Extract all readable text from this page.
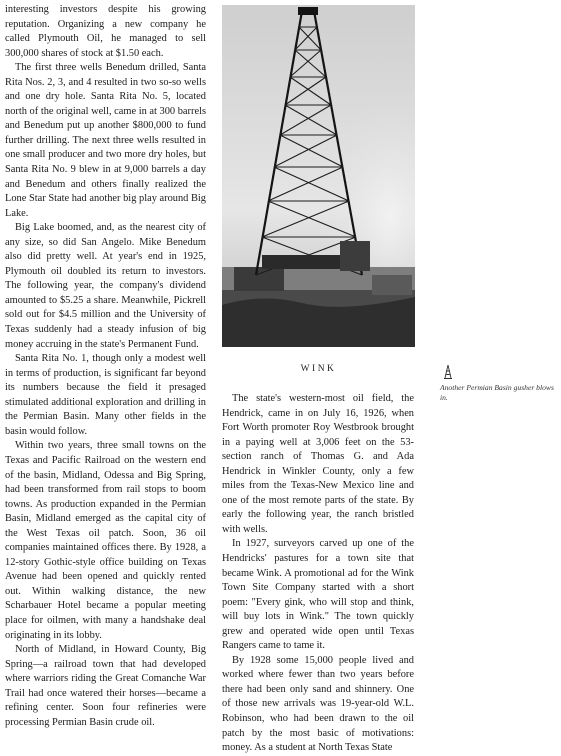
interesting investors despite his growing reputation. Organizing a new company he called Plymouth Oil, he managed to sell 300,000 shares of stock at $1.50 each.

The first three wells Benedum drilled, Santa Rita Nos. 2, 3, and 4 resulted in two so-so wells and one dry hole. Santa Rita No. 5, located north of the original well, came in at 300 barrels and Benedum put up another $800,000 to fund further drilling. The next three wells resulted in one small producer and two more dry holes, but Santa Rita No. 9 blew in at 9,000 barrels a day and Benedum and others finally realized the Lone Star State had another big play around Big Lake.

Big Lake boomed, and, as the nearest city of any size, so did San Angelo. Mike Benedum also did pretty well. At year's end in 1925, Plymouth oil doubled its return to investors. The following year, the company's dividend amounted to $5.25 a share. Meanwhile, Pickrell sold out for $4.5 million and the University of Texas suddenly had a steady infusion of big money accruing in the state's Permanent Fund.

Santa Rita No. 1, though only a modest well in terms of production, is significant far beyond its numbers because the field it presaged stimulated additional exploration and drilling in the Permian Basin. Many other fields in the basin would follow.

Within two years, three small towns on the Texas and Pacific Railroad on the western end of the basin, Midland, Odessa and Big Spring, had been transformed from rail stops to boom towns. As production expanded in the Permian Basin, Midland emerged as the capital city of the West Texas oil patch. Soon, 36 oil companies maintained offices there. By 1928, a 12-story Gothic-style office building on Texas Avenue had been opened and quickly rented out. Within walking distance, the new Scharbauer Hotel became a popular meeting place for oilmen, with many a handshake deal originating in its lobby.

North of Midland, in Howard County, Big Spring—a railroad town that had developed where warriors riding the Great Comanche War Trail had once watered their horses—became a refining center. Soon four refineries were processing Permian Basin crude oil.

WINK
Another Permian Basin gusher blows in.

The state's western-most oil field, the Hendrick, came in on July 16, 1926, when Fort Worth promoter Roy Westbrook brought in a paying well at 3,006 feet on the 53-section ranch of Thomas G. and Ada Hendrick in Winkler County, only a few miles from the Texas-New Mexico line and one of the most remote parts of the state. By early the following year, the ranch bristled with wells.

In 1927, surveyors carved up one of the Hendricks' pastures for a town site that became Wink. A promotional ad for the Wink Town Site Company started with a short poem: "Every gink, who will stop and think, will buy lots in Wink." The town quickly grew and operated wide open until Texas Rangers came to tame it.

By 1928 some 15,000 people lived and worked where fewer than two years before there had been only sand and shinnery. One of those new arrivals was 19-year-old W.L. Robinson, who had been drawn to the oil patch by the most basic of motivations: money. As a student at North Texas State
